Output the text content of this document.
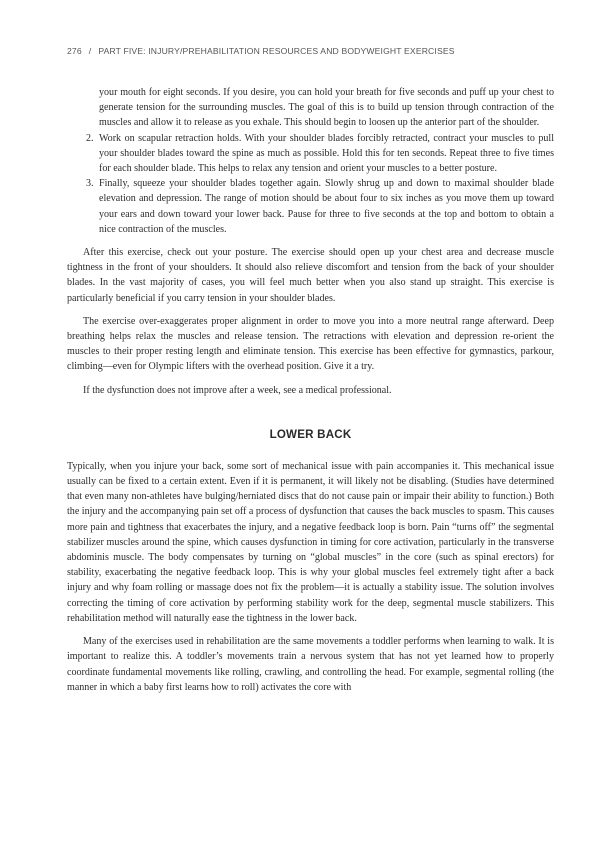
276 / PART FIVE: INJURY/PREHABILITATION RESOURCES AND BODYWEIGHT EXERCISES

your mouth for eight seconds. If you desire, you can hold your breath for five seconds and puff up your chest to generate tension for the surrounding muscles. The goal of this is to build up tension through contraction of the muscles and allow it to release as you exhale. This should begin to loosen up the anterior part of the shoulder.

2. Work on scapular retraction holds. With your shoulder blades forcibly retracted, contract your muscles to pull your shoulder blades toward the spine as much as possible. Hold this for ten seconds. Repeat three to five times for each shoulder blade. This helps to relax any tension and orient your muscles to a better posture.
3. Finally, squeeze your shoulder blades together again. Slowly shrug up and down to maximal shoulder blade elevation and depression. The range of motion should be about four to six inches as you move them up toward your ears and down toward your lower back. Pause for three to five seconds at the top and bottom to obtain a nice contraction of the muscles.

After this exercise, check out your posture. The exercise should open up your chest area and decrease muscle tightness in the front of your shoulders. It should also relieve discomfort and tension from the back of your shoulder blades. In the vast majority of cases, you will feel much better when you also stand up straight. This exercise is particularly beneficial if you carry tension in your shoulder blades.

The exercise over-exaggerates proper alignment in order to move you into a more neutral range afterward. Deep breathing helps relax the muscles and release tension. The retractions with elevation and depression re-orient the muscles to their proper resting length and eliminate tension. This exercise has been effective for gymnastics, parkour, climbing—even for Olympic lifters with the overhead position. Give it a try.

If the dysfunction does not improve after a week, see a medical professional.

LOWER BACK

Typically, when you injure your back, some sort of mechanical issue with pain accompanies it. This mechanical issue usually can be fixed to a certain extent. Even if it is permanent, it will likely not be disabling. (Studies have determined that even many non-athletes have bulging/herniated discs that do not cause pain or impair their ability to function.) Both the injury and the accompanying pain set off a process of dysfunction that causes the back muscles to spasm. This causes more pain and tightness that exacerbates the injury, and a negative feedback loop is born. Pain “turns off” the segmental stabilizer muscles around the spine, which causes dysfunction in timing for core activation, particularly in the transverse abdominis muscle. The body compensates by turning on “global muscles” in the core (such as spinal erectors) for stability, exacerbating the negative feedback loop. This is why your global muscles feel extremely tight after a back injury and why foam rolling or massage does not fix the problem—it is actually a stability issue. The solution involves correcting the timing of core activation by performing stability work for the deep, segmental muscle stabilizers. This rehabilitation method will naturally ease the tightness in the lower back.

Many of the exercises used in rehabilitation are the same movements a toddler performs when learning to walk. It is important to realize this. A toddler’s movements train a nervous system that has not yet learned how to properly coordinate fundamental movements like rolling, crawling, and controlling the head. For example, segmental rolling (the manner in which a baby first learns how to roll) activates the core with
